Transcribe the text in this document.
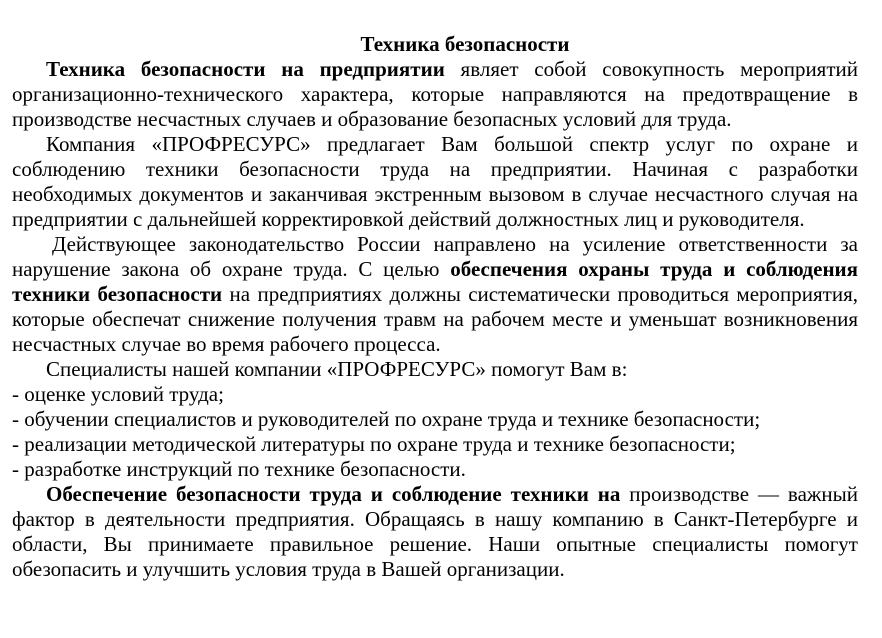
Техника безопасности

Техника безопасности на предприятии являет собой совокупность мероприятий организационно-технического характера, которые направляются на предотвращение в производстве несчастных случаев и образование безопасных условий для труда.

Компания «ПРОФРЕСУРС» предлагает Вам большой спектр услуг по охране и соблюдению техники безопасности труда на предприятии. Начиная с разработки необходимых документов и заканчивая экстренным вызовом в случае несчастного случая на предприятии с дальнейшей корректировкой действий должностных лиц и руководителя.

Действующее законодательство России направлено на усиление ответственности за нарушение закона об охране труда. С целью обеспечения охраны труда и соблюдения техники безопасности на предприятиях должны систематически проводиться мероприятия, которые обеспечат снижение получения травм на рабочем месте и уменьшат возникновения несчастных случае во время рабочего процесса.

Специалисты нашей компании «ПРОФРЕСУРС» помогут Вам в:

- оценке условий труда;
- обучении специалистов и руководителей по охране труда и технике безопасности;
- реализации методической литературы по охране труда и технике безопасности;
- разработке инструкций по технике безопасности.

Обеспечение безопасности труда и соблюдение техники на производстве — важный фактор в деятельности предприятия. Обращаясь в нашу компанию в Санкт-Петербурге и области, Вы принимаете правильное решение. Наши опытные специалисты помогут обезопасить и улучшить условия труда в Вашей организации.
